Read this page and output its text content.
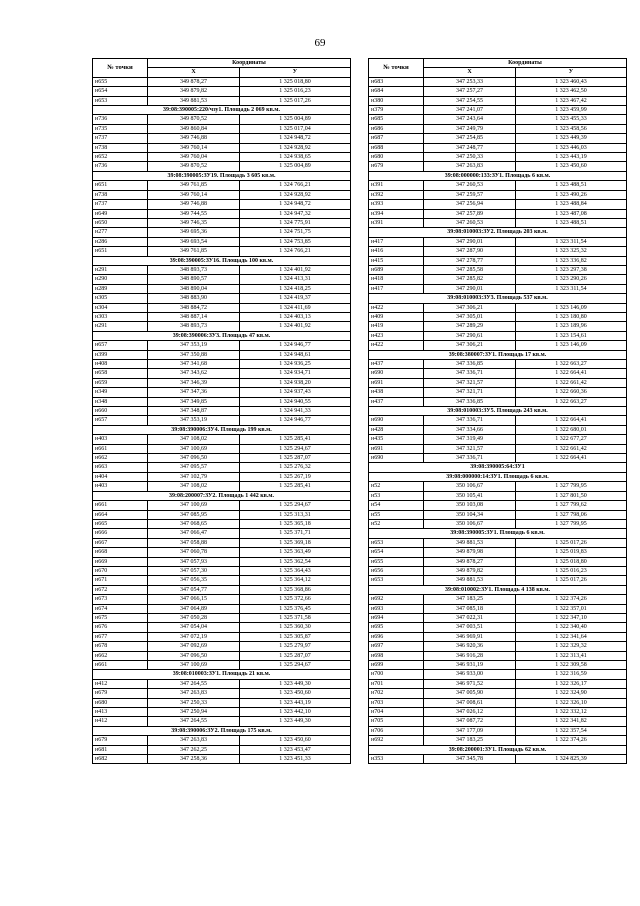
69
№ точки	Координаты	
	X	У
н655	349 878,27	1 325 018,80
н654	349 879,82	1 325 016,23
н653	349 881,53	1 325 017,26
39:08:390005:220/чзу1. Площадь 2 069 кв.м.		
н736	349 870,52	1 325 004,89
н735	349 860,84	1 325 017,04
н737	349 746,88	1 324 948,72
н738	349 760,14	1 324 928,92
н652	349 760,04	1 324 938,65
н736	349 870,52	1 325 004,89
39:08:390005:ЗУ19. Площадь 3 605 кв.м.		
н651	349 761,85	1 324 766,21
н738	349 760,14	1 324 928,92
н737	349 746,88	1 324 948,72
н649	349 744,55	1 324 947,32
н650	349 746,35	1 324 775,91
н277	349 695,36	1 324 751,75
н286	349 693,54	1 324 753,85
н651	349 761,85	1 324 766,21
39:08:390005:ЗУ16. Площадь 100 кв.м.		
н291	348 893,73	1 324 401,92
н290	348 890,57	1 324 413,31
н289	348 890,04	1 324 418,25
н305	348 883,90	1 324 419,37
н304	348 884,72	1 324 411,69
н303	348 887,14	1 324 403,13
н291	348 893,73	1 324 401,92
39:08:390006:ЗУ3. Площадь 47 кв.м.		
н657	347 353,19	1 324 946,77
н399	347 350,88	1 324 948,61
н408	347 341,68	1 324 936,25
н658	347 343,62	1 324 934,71
н659	347 346,39	1 324 938,20
н349	347 347,36	1 324 937,43
н348	347 349,85	1 324 940,55
н660	347 348,87	1 324 941,33
н657	347 353,19	1 324 946,77
39:08:390006:ЗУ4. Площадь 199 кв.м.		
н403	347 108,02	1 325 285,41
н661	347 100,69	1 325 294,67
н662	347 096,50	1 325 287,07
н663	347 095,57	1 325 276,32
н404	347 102,79	1 325 267,19
н403	347 108,02	1 325 285,41
39:08:200007:ЗУ2. Площадь 1 442 кв.м.		
н661	347 100,69	1 325 294,67
н664	347 085,95	1 325 313,31
н665	347 068,65	1 325 365,18
н666	347 066,47	1 325 371,71
н667	347 058,88	1 325 369,18
н668	347 060,78	1 325 363,49
н669	347 057,93	1 325 362,54
н670	347 057,30	1 325 364,43
н671	347 056,35	1 325 364,12
н672	347 054,77	1 325 368,86
н673	347 066,15	1 325 372,66
н674	347 064,89	1 325 376,45
н675	347 050,28	1 325 371,58
н676	347 054,04	1 325 360,30
н677	347 072,19	1 325 305,87
н678	347 092,69	1 325 279,97
н662	347 096,50	1 325 287,07
н661	347 100,69	1 325 294,67
39:08:010003:ЗУ1. Площадь 21 кв.м.		
н412	347 264,55	1 323 449,30
н679	347 263,83	1 323 450,60
н680	347 250,33	1 323 443,19
н413	347 250,94	1 323 442,10
н412	347 264,55	1 323 449,30
39:08:390006:ЗУ2. Площадь 175 кв.м.		
н679	347 263,83	1 323 450,60
н681	347 262,25	1 323 453,47
н682	347 258,36	1 323 451,33
№ точки	Координаты	
	X	У
н683	347 253,33	1 323 460,43
н684	347 257,27	1 323 462,50
н380	347 254,55	1 323 467,42
н379	347 241,07	1 323 459,99
н685	347 243,64	1 323 455,33
н686	347 249,79	1 323 458,56
н687	347 254,85	1 323 449,39
н688	347 248,77	1 323 446,03
н680	347 250,33	1 323 443,19
н679	347 263,83	1 323 450,60
39:08:000000:133:ЗУ1. Площадь 6 кв.м.		
н391	347 260,53	1 323 488,51
н392	347 259,57	1 323 490,26
н393	347 256,94	1 323 488,84
н394	347 257,89	1 323 487,08
н391	347 260,53	1 323 488,51
39:08:010003:ЗУ2. Площадь 203 кв.м.		
н417	347 290,01	1 323 311,54
н416	347 287,90	1 323 325,32
н415	347 278,77	1 323 336,82
н689	347 285,58	1 323 297,38
н418	347 285,82	1 323 290,26
н417	347 290,01	1 323 311,54
39:08:010003:ЗУ3. Площадь 537 кв.м.		
н422	347 306,21	1 323 146,09
н409	347 305,01	1 323 180,80
н419	347 289,29	1 323 189,96
н423	347 290,61	1 323 154,61
н422	347 306,21	1 323 146,09
39:08:380007:ЗУ1. Площадь 17 кв.м.		
н437	347 336,85	1 322 663,27
н690	347 336,71	1 322 664,41
н691	347 321,57	1 322 661,42
н438	347 321,71	1 322 660,36
н437	347 336,85	1 322 663,27
39:08:010003:ЗУ5. Площадь 243 кв.м.		
н690	347 336,71	1 322 664,41
н428	347 334,66	1 322 680,01
н435	347 319,49	1 322 677,27
н691	347 321,57	1 322 661,42
н690	347 336,71	1 322 664,41
39:08:390005:64:ЗУ1		
39:08:000000:14:ЗУ1. Площадь 6 кв.м.		
н52	350 106,67	1 327 799,95
н53	350 105,41	1 327 801,50
н54	350 103,08	1 327 799,62
н55	350 104,34	1 327 798,06
н52	350 106,67	1 327 799,95
39:08:390005:ЗУ1. Площадь 6 кв.м.		
н653	349 881,53	1 325 017,26
н654	349 879,98	1 325 019,83
н655	349 878,27	1 325 018,80
н656	349 879,82	1 325 016,23
н653	349 881,53	1 325 017,26
39:08:010002:ЗУ1. Площадь 4 138 кв.м.		
н692	347 183,25	1 322 374,26
н693	347 085,18	1 322 357,01
н694	347 022,31	1 322 347,10
н695	347 003,51	1 322 340,40
н696	346 969,91	1 322 341,64
н697	346 920,36	1 322 329,32
н698	346 916,28	1 322 313,41
н699	346 931,19	1 322 309,58
н700	346 933,00	1 322 316,59
н701	346 971,52	1 322 326,17
н702	347 005,90	1 322 324,90
н703	347 008,61	1 322 326,10
н704	347 026,12	1 322 332,12
н705	347 087,72	1 322 341,82
н706	347 177,09	1 322 357,54
н692	347 183,25	1 322 374,26
39:08:200001:ЗУ1. Площадь 62 кв.м.		
н353	347 345,78	1 324 825,39
